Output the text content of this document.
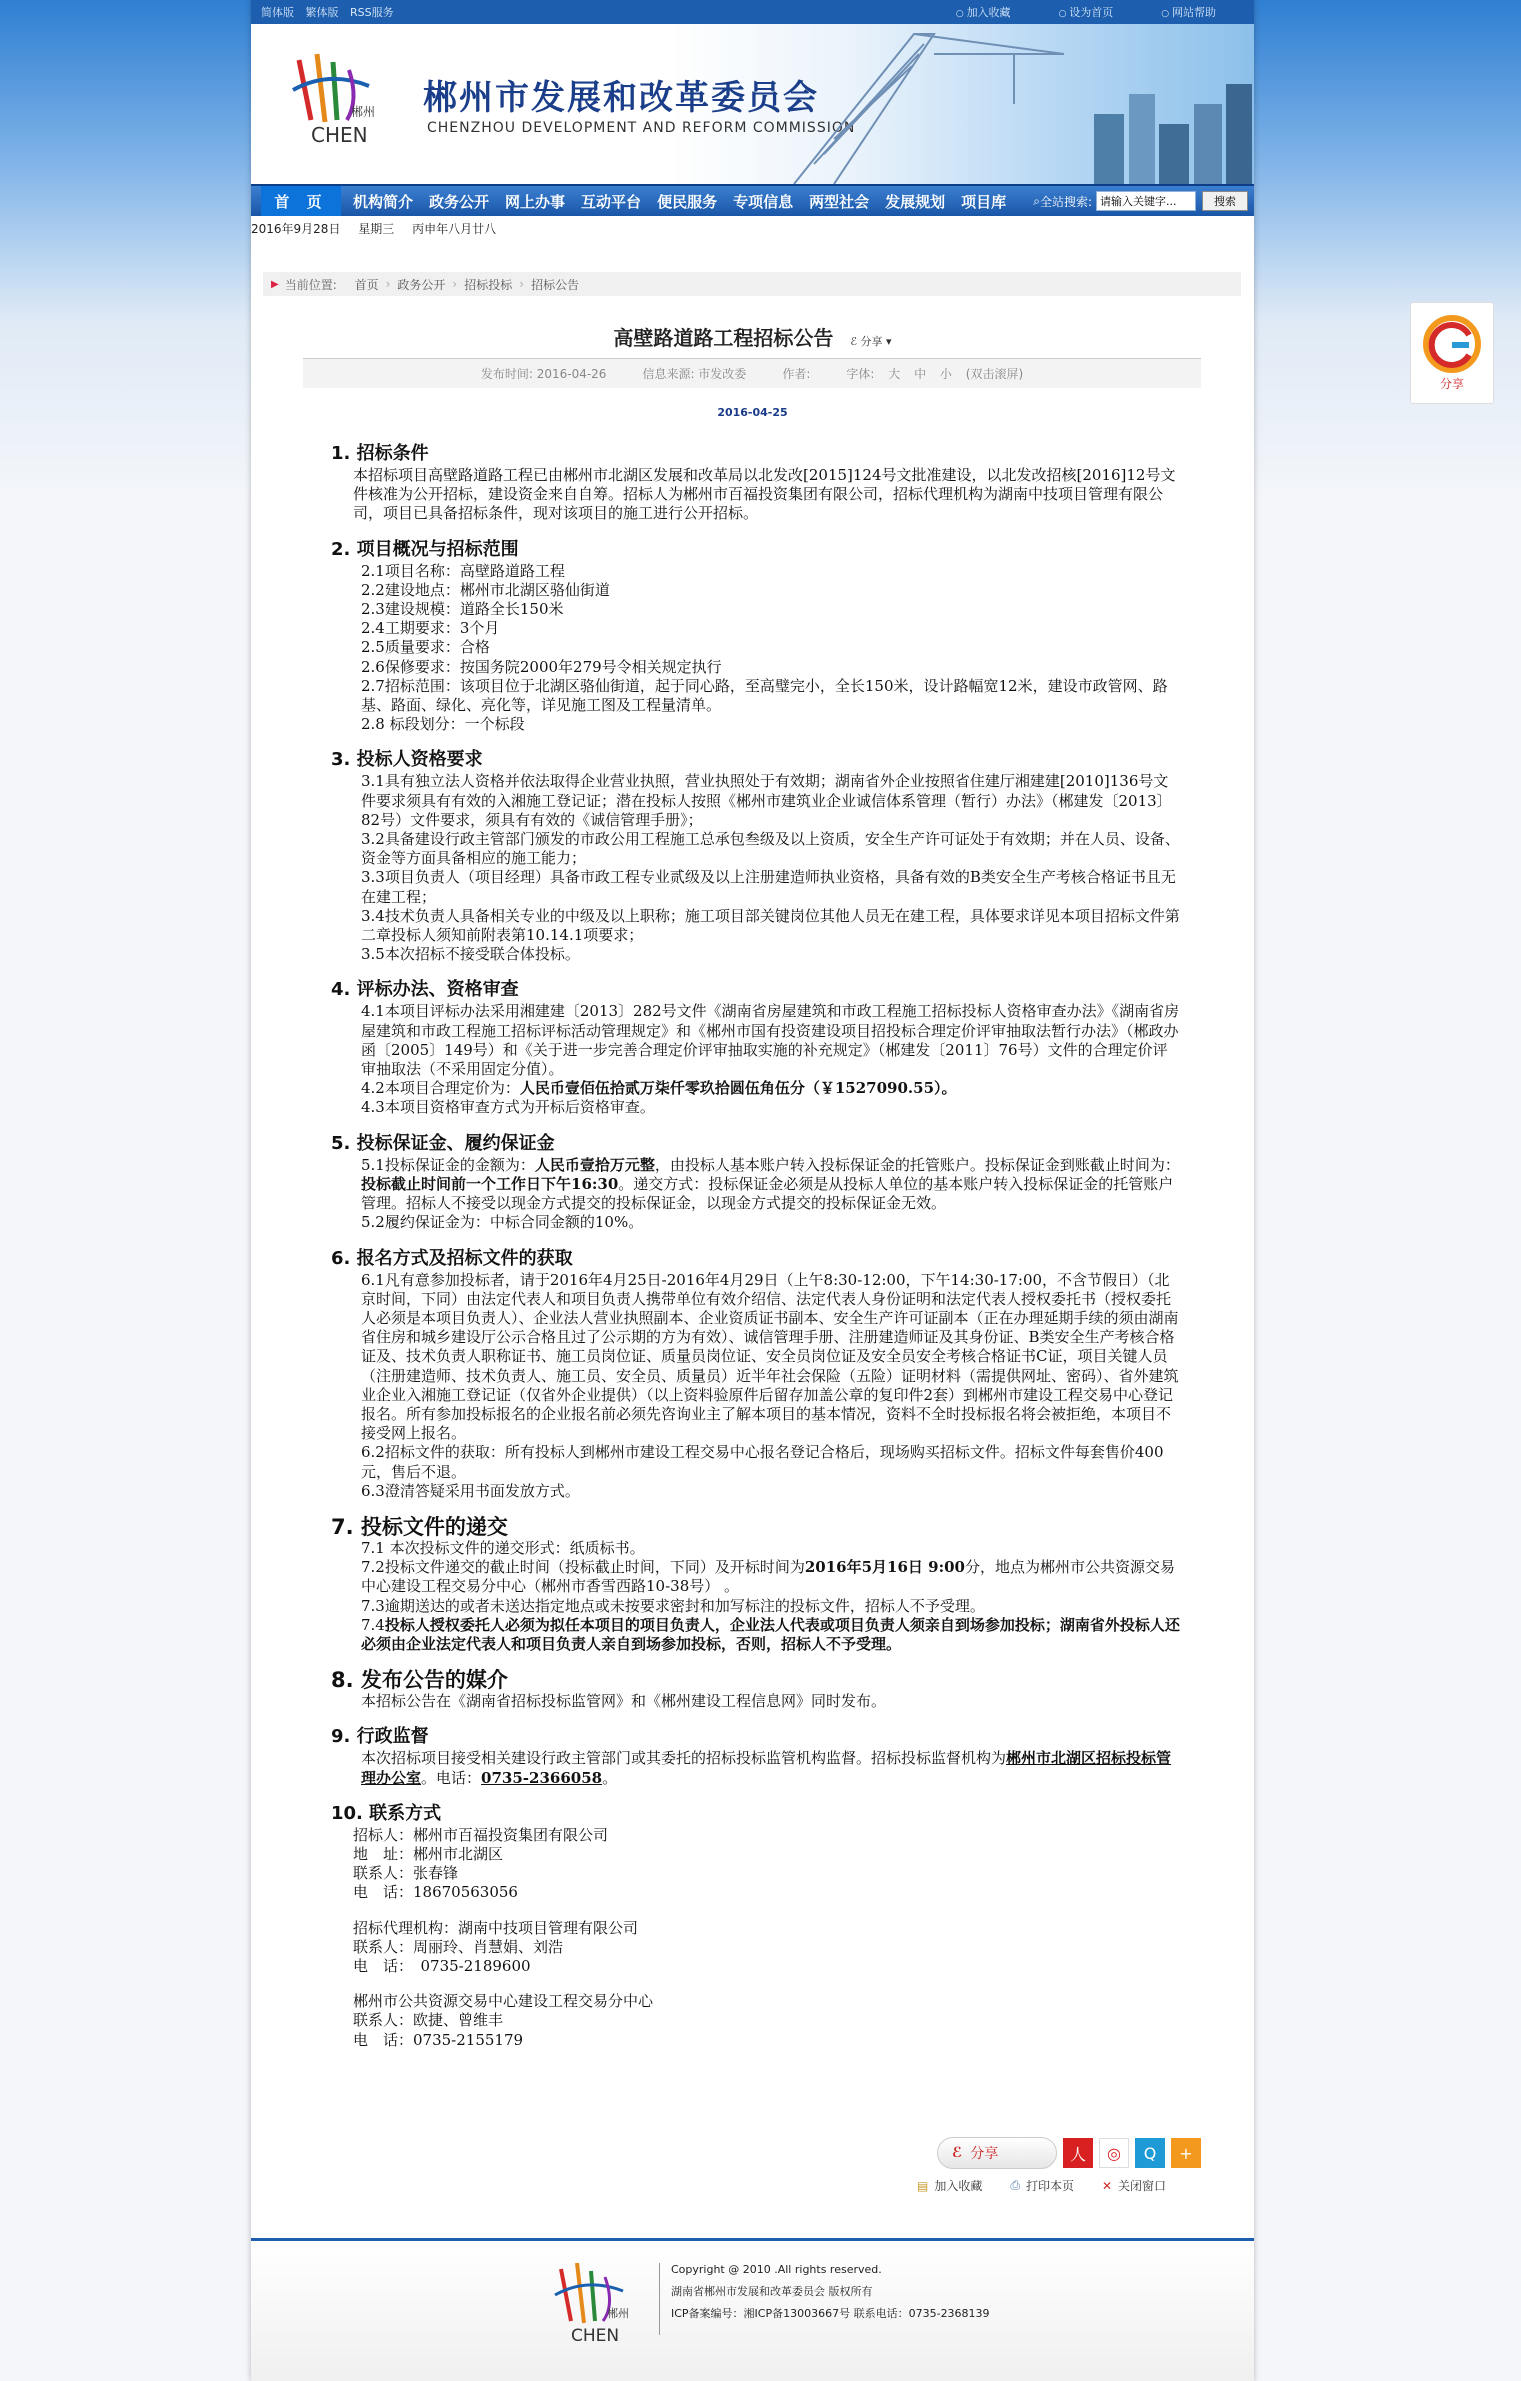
简体版 繁体版 RSS服务	○ 加入收藏	○ 设为首页	○ 网站帮助
郴州
CHEN
郴州市发展和改革委员会
CHENZHOU DEVELOPMENT AND REFORM COMMISSION
首 页	机构简介	政务公开	网上办事	互动平台	便民服务	专项信息	两型社会	发展规划	项目库	⌕ 全站搜索:
请输入关键字...	搜索
2016年9月28日 星期三 丙申年八月廿八
▶ 当前位置:
首页 › 政务公开 › 招标投标 › 招标公告
高壁路道路工程招标公告 ℰ 分享 ▾
发布时间: 2016-04-26	信息来源: 市发改委	作者:	字体: 大 中 小 (双击滚屏)
2016-04-25
1. 招标条件

本招标项目高壁路道路工程已由郴州市北湖区发展和改革局以北发改[2015]124号文批准建设，以北发改招核[2016]12号文件核准为公开招标，建设资金来自自筹。招标人为郴州市百福投资集团有限公司，招标代理机构为湖南中技项目管理有限公司，项目已具备招标条件，现对该项目的施工进行公开招标。

2. 项目概况与招标范围

2.1项目名称：高壁路道路工程

2.2建设地点：郴州市北湖区骆仙街道

2.3建设规模：道路全长150米

2.4工期要求：3个月

2.5质量要求：合格

2.6保修要求：按国务院2000年279号令相关规定执行

2.7招标范围：该项目位于北湖区骆仙街道，起于同心路，至高璧完小，全长150米，设计路幅宽12米，建设市政管网、路基、路面、绿化、亮化等，详见施工图及工程量清单。

2.8 标段划分：一个标段

3. 投标人资格要求

3.1具有独立法人资格并依法取得企业营业执照，营业执照处于有效期；湖南省外企业按照省住建厅湘建建[2010]136号文件要求须具有有效的入湘施工登记证；潜在投标人按照《郴州市建筑业企业诚信体系管理（暂行）办法》（郴建发〔2013〕82号）文件要求，须具有有效的《诚信管理手册》；

3.2具备建设行政主管部门颁发的市政公用工程施工总承包叁级及以上资质，安全生产许可证处于有效期；并在人员、设备、资金等方面具备相应的施工能力；

3.3项目负责人（项目经理）具备市政工程专业贰级及以上注册建造师执业资格，具备有效的B类安全生产考核合格证书且无在建工程；

3.4技术负责人具备相关专业的中级及以上职称；施工项目部关键岗位其他人员无在建工程，具体要求详见本项目招标文件第二章投标人须知前附表第10.14.1项要求；

3.5本次招标不接受联合体投标。

4. 评标办法、资格审查

4.1本项目评标办法采用湘建建〔2013〕282号文件《湖南省房屋建筑和市政工程施工招标投标人资格审查办法》《湖南省房屋建筑和市政工程施工招标评标活动管理规定》和《郴州市国有投资建设项目招投标合理定价评审抽取法暂行办法》（郴政办函〔2005〕149号）和《关于进一步完善合理定价评审抽取实施的补充规定》（郴建发〔2011〕76号）文件的合理定价评审抽取法（不采用固定分值）。

4.2本项目合理定价为：人民币壹佰伍拾贰万柒仟零玖拾圆伍角伍分（￥1527090.55）。

4.3本项目资格审查方式为开标后资格审查。

5. 投标保证金、履约保证金

5.1投标保证金的金额为：人民币壹拾万元整，由投标人基本账户转入投标保证金的托管账户。投标保证金到账截止时间为：投标截止时间前一个工作日下午16:30。递交方式：投标保证金必须是从投标人单位的基本账户转入投标保证金的托管账户管理。招标人不接受以现金方式提交的投标保证金，以现金方式提交的投标保证金无效。

5.2履约保证金为：中标合同金额的10%。

6. 报名方式及招标文件的获取

6.1凡有意参加投标者，请于2016年4月25日-2016年4月29日（上午8:30-12:00，下午14:30-17:00，不含节假日）（北京时间，下同）由法定代表人和项目负责人携带单位有效介绍信、法定代表人身份证明和法定代表人授权委托书（授权委托人必须是本项目负责人）、企业法人营业执照副本、企业资质证书副本、安全生产许可证副本（正在办理延期手续的须由湖南省住房和城乡建设厅公示合格且过了公示期的方为有效）、诚信管理手册、注册建造师证及其身份证、B类安全生产考核合格证及、技术负责人职称证书、施工员岗位证、质量员岗位证、安全员岗位证及安全员安全考核合格证书C证，项目关键人员（注册建造师、技术负责人、施工员、安全员、质量员）近半年社会保险（五险）证明材料（需提供网址、密码）、省外建筑业企业入湘施工登记证（仅省外企业提供）（以上资料验原件后留存加盖公章的复印件2套）到郴州市建设工程交易中心登记报名。所有参加投标报名的企业报名前必须先咨询业主了解本项目的基本情况，资料不全时投标报名将会被拒绝，本项目不接受网上报名。

6.2招标文件的获取：所有投标人到郴州市建设工程交易中心报名登记合格后，现场购买招标文件。招标文件每套售价400元，售后不退。

6.3澄清答疑采用书面发放方式。

7. 投标文件的递交

7.1 本次投标文件的递交形式：纸质标书。

7.2投标文件递交的截止时间（投标截止时间，下同）及开标时间为2016年5月16日 9:00分，地点为郴州市公共资源交易中心建设工程交易分中心（郴州市香雪西路10-38号） 。

7.3逾期送达的或者未送达指定地点或未按要求密封和加写标注的投标文件，招标人不予受理。

7.4投标人授权委托人必须为拟任本项目的项目负责人，企业法人代表或项目负责人须亲自到场参加投标；湖南省外投标人还必须由企业法定代表人和项目负责人亲自到场参加投标，否则，招标人不予受理。

8. 发布公告的媒介

本招标公告在《湖南省招标投标监管网》和《郴州建设工程信息网》同时发布。

9. 行政监督

本次招标项目接受相关建设行政主管部门或其委托的招标投标监管机构监督。招标投标监督机构为郴州市北湖区招标投标管理办公室。电话：0735-2366058。

10. 联系方式

招标人：郴州市百福投资集团有限公司

地　址：郴州市北湖区

联系人：张春锋

电　话：18670563056

招标代理机构：湖南中技项目管理有限公司

联系人：周丽玲、肖慧娟、刘浩

电　话：　0735-2189600

郴州市公共资源交易中心建设工程交易分中心

联系人：欧捷、曾维丰

电　话：0735-2155179

ℰ 分享	人	◎	Q	+
▤ 加入收藏 ⎙ 打印本页 ✕ 关闭窗口
郴州
CHEN
Copyright @ 2010 .All rights reserved.
湖南省郴州市发展和改革委员会 版权所有
ICP备案编号：湘ICP备13003667号 联系电话：0735-2368139
分享
